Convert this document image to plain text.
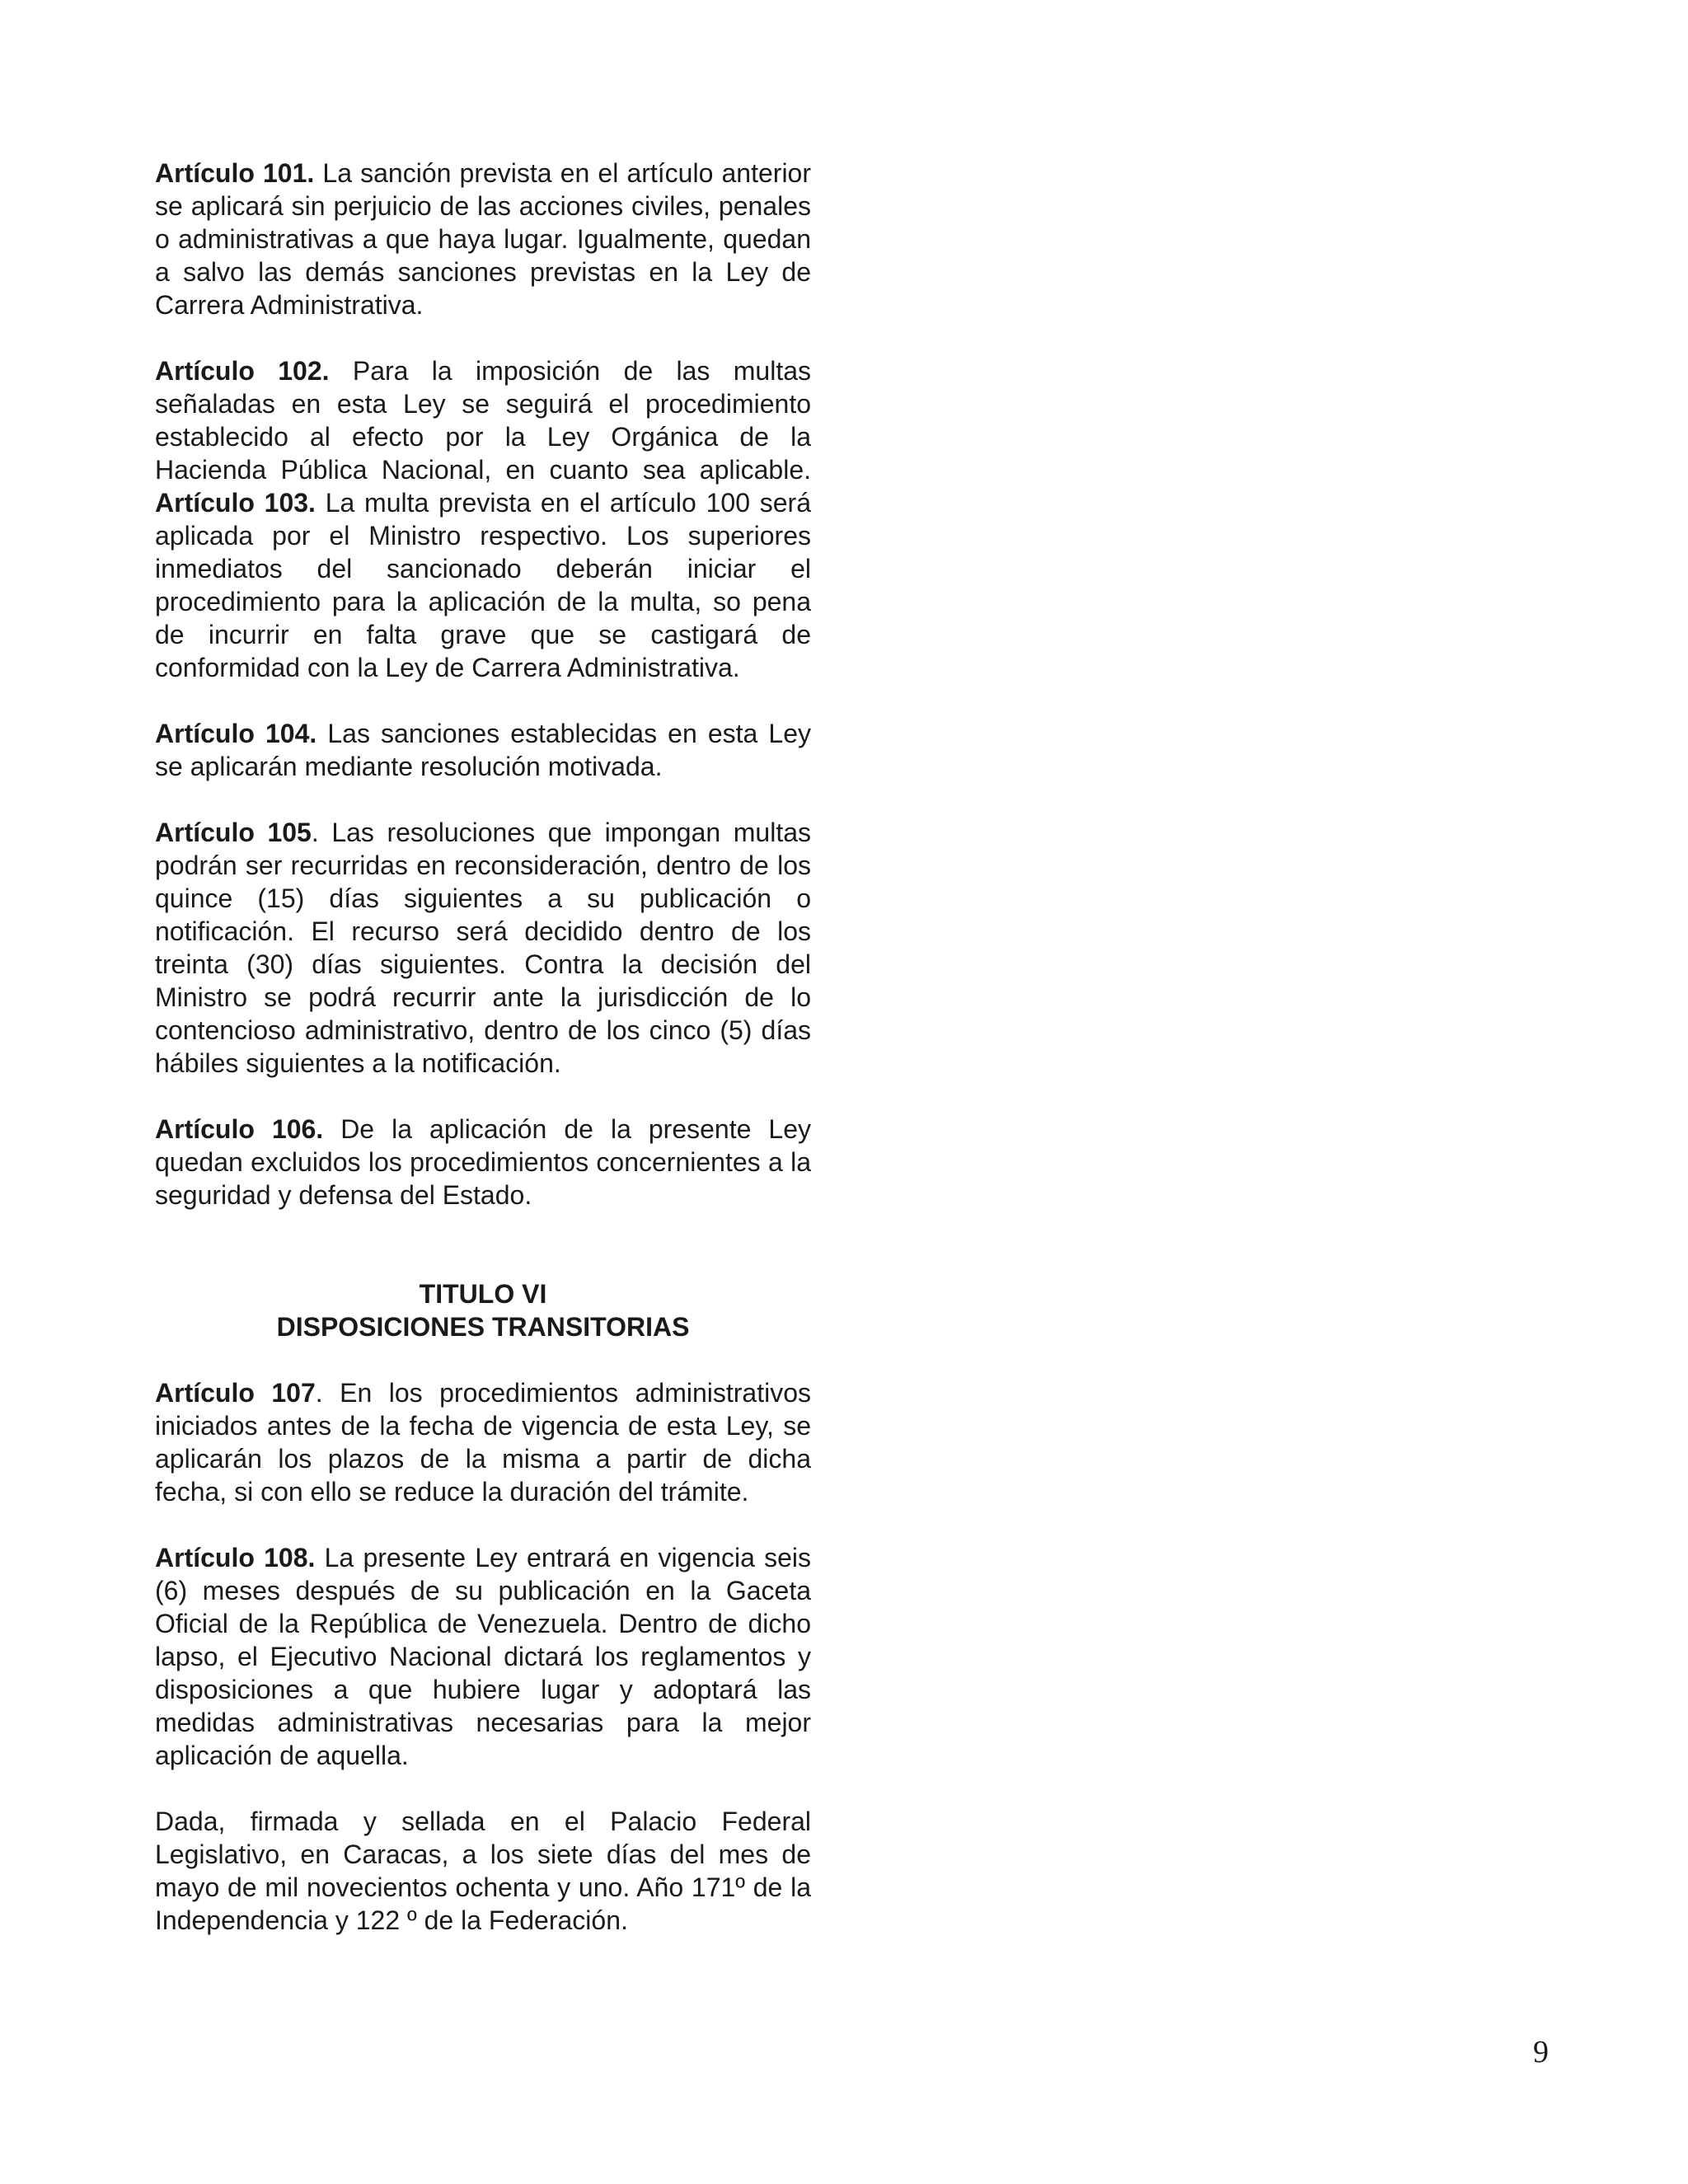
Artículo 101. La sanción prevista en el artículo anterior se aplicará sin perjuicio de las acciones civiles, penales o administrativas a que haya lugar. Igualmente, quedan a salvo las demás sanciones previstas en la Ley de Carrera Administrativa.

Artículo 102. Para la imposición de las multas señaladas en esta Ley se seguirá el procedimiento establecido al efecto por la Ley Orgánica de la Hacienda Pública Nacional, en cuanto sea aplicable.

Artículo 103. La multa prevista en el artículo 100 será aplicada por el Ministro respectivo. Los superiores inmediatos del sancionado deberán iniciar el procedimiento para la aplicación de la multa, so pena de incurrir en falta grave que se castigará de conformidad con la Ley de Carrera Administrativa.

Artículo 104. Las sanciones establecidas en esta Ley se aplicarán mediante resolución motivada.

Artículo 105. Las resoluciones que impongan multas podrán ser recurridas en reconsideración, dentro de los quince (15) días siguientes a su publicación o notificación. El recurso será decidido dentro de los treinta (30) días siguientes. Contra la decisión del Ministro se podrá recurrir ante la jurisdicción de lo contencioso administrativo, dentro de los cinco (5) días hábiles siguientes a la notificación.

Artículo 106. De la aplicación de la presente Ley quedan excluidos los procedimientos concernientes a la seguridad y defensa del Estado.

TITULO VI
DISPOSICIONES TRANSITORIAS

Artículo 107. En los procedimientos administrativos iniciados antes de la fecha de vigencia de esta Ley, se aplicarán los plazos de la misma a partir de dicha fecha, si con ello se reduce la duración del trámite.

Artículo 108. La presente Ley entrará en vigencia seis (6) meses después de su publicación en la Gaceta Oficial de la República de Venezuela. Dentro de dicho lapso, el Ejecutivo Nacional dictará los reglamentos y disposiciones a que hubiere lugar y adoptará las medidas administrativas necesarias para la mejor aplicación de aquella.

Dada, firmada y sellada en el Palacio Federal Legislativo, en Caracas, a los siete días del mes de mayo de mil novecientos ochenta y uno. Año 171º de la Independencia y 122 º de la Federación.

9
